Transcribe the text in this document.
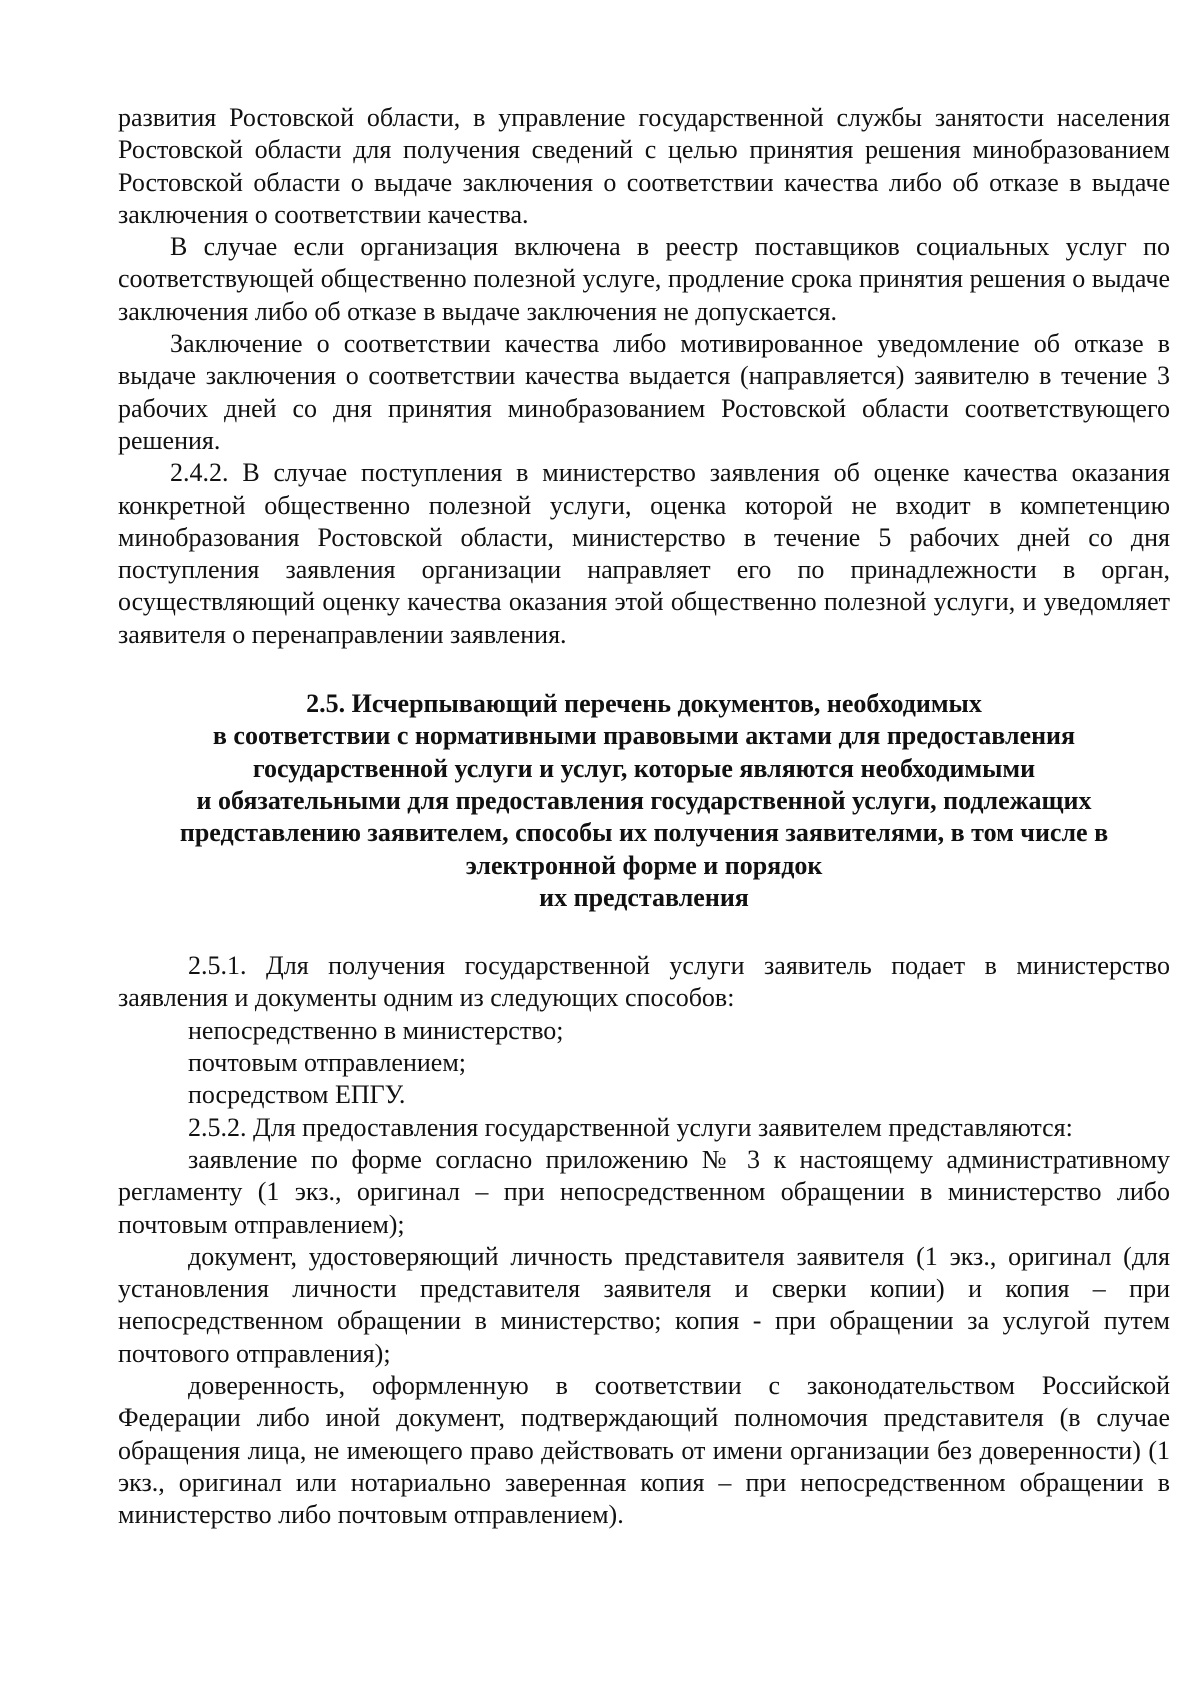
развития Ростовской области, в управление государственной службы занятости населения Ростовской области для получения сведений с целью принятия решения минобразованием Ростовской области о выдаче заключения о соответствии качества либо об отказе в выдаче заключения о соответствии качества.

В случае если организация включена в реестр поставщиков социальных услуг по соответствующей общественно полезной услуге, продление срока принятия решения о выдаче заключения либо об отказе в выдаче заключения не допускается.

Заключение о соответствии качества либо мотивированное уведомление об отказе в выдаче заключения о соответствии качества выдается (направляется) заявителю в течение 3 рабочих дней со дня принятия минобразованием Ростовской области соответствующего решения.

2.4.2. В случае поступления в министерство заявления об оценке качества оказания конкретной общественно полезной услуги, оценка которой не входит в компетенцию минобразования Ростовской области, министерство в течение 5 рабочих дней со дня поступления заявления организации направляет его по принадлежности в орган, осуществляющий оценку качества оказания этой общественно полезной услуги, и уведомляет заявителя о перенаправлении заявления.

2.5. Исчерпывающий перечень документов, необходимых
в соответствии с нормативными правовыми актами для предоставления
государственной услуги и услуг, которые являются необходимыми
и обязательными для предоставления государственной услуги, подлежащих
представлению заявителем, способы их получения заявителями, в том числе в
электронной форме и порядок
их представления

2.5.1. Для получения государственной услуги заявитель подает в министерство заявления и документы одним из следующих способов:

непосредственно в министерство;

почтовым отправлением;

посредством ЕПГУ.

2.5.2. Для предоставления государственной услуги заявителем представляются:

заявление по форме согласно приложению № 3 к настоящему административному регламенту (1 экз., оригинал – при непосредственном обращении в министерство либо почтовым отправлением);

документ, удостоверяющий личность представителя заявителя (1 экз., оригинал (для установления личности представителя заявителя и сверки копии) и копия – при непосредственном обращении в министерство; копия - при обращении за услугой путем почтового отправления);

доверенность, оформленную в соответствии с законодательством Российской Федерации либо иной документ, подтверждающий полномочия представителя (в случае обращения лица, не имеющего право действовать от имени организации без доверенности) (1 экз., оригинал или нотариально заверенная копия – при непосредственном обращении в министерство либо почтовым отправлением).
